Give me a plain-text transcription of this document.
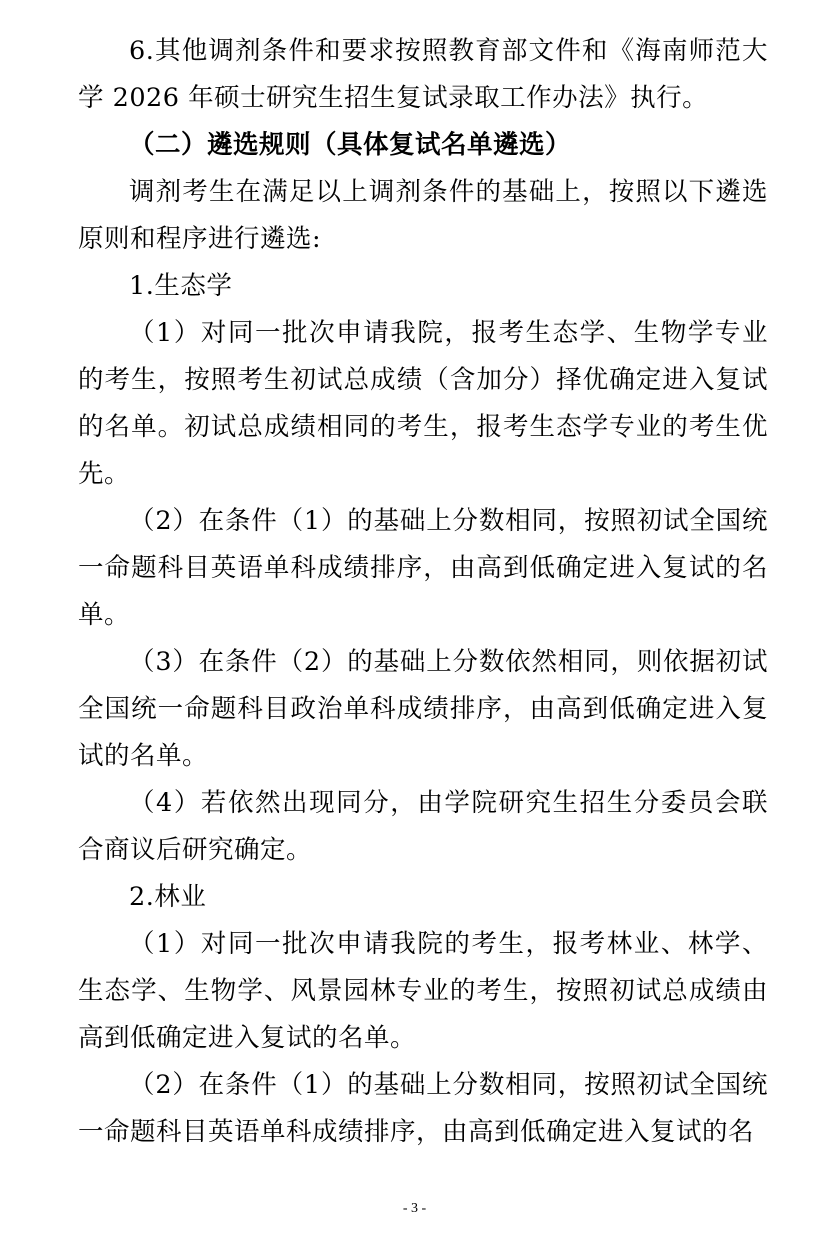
6.其他调剂条件和要求按照教育部文件和《海南师范大学 2026 年硕士研究生招生复试录取工作办法》执行。

（二）遴选规则（具体复试名单遴选）

调剂考生在满足以上调剂条件的基础上，按照以下遴选原则和程序进行遴选:

1.生态学

（1）对同一批次申请我院，报考生态学、生物学专业的考生，按照考生初试总成绩（含加分）择优确定进入复试的名单。初试总成绩相同的考生，报考生态学专业的考生优先。

（2）在条件（1）的基础上分数相同，按照初试全国统一命题科目英语单科成绩排序，由高到低确定进入复试的名单。

（3）在条件（2）的基础上分数依然相同，则依据初试全国统一命题科目政治单科成绩排序，由高到低确定进入复试的名单。

（4）若依然出现同分，由学院研究生招生分委员会联合商议后研究确定。

2.林业

（1）对同一批次申请我院的考生，报考林业、林学、生态学、生物学、风景园林专业的考生，按照初试总成绩由高到低确定进入复试的名单。

（2）在条件（1）的基础上分数相同，按照初试全国统一命题科目英语单科成绩排序，由高到低确定进入复试的名

- 3 -
